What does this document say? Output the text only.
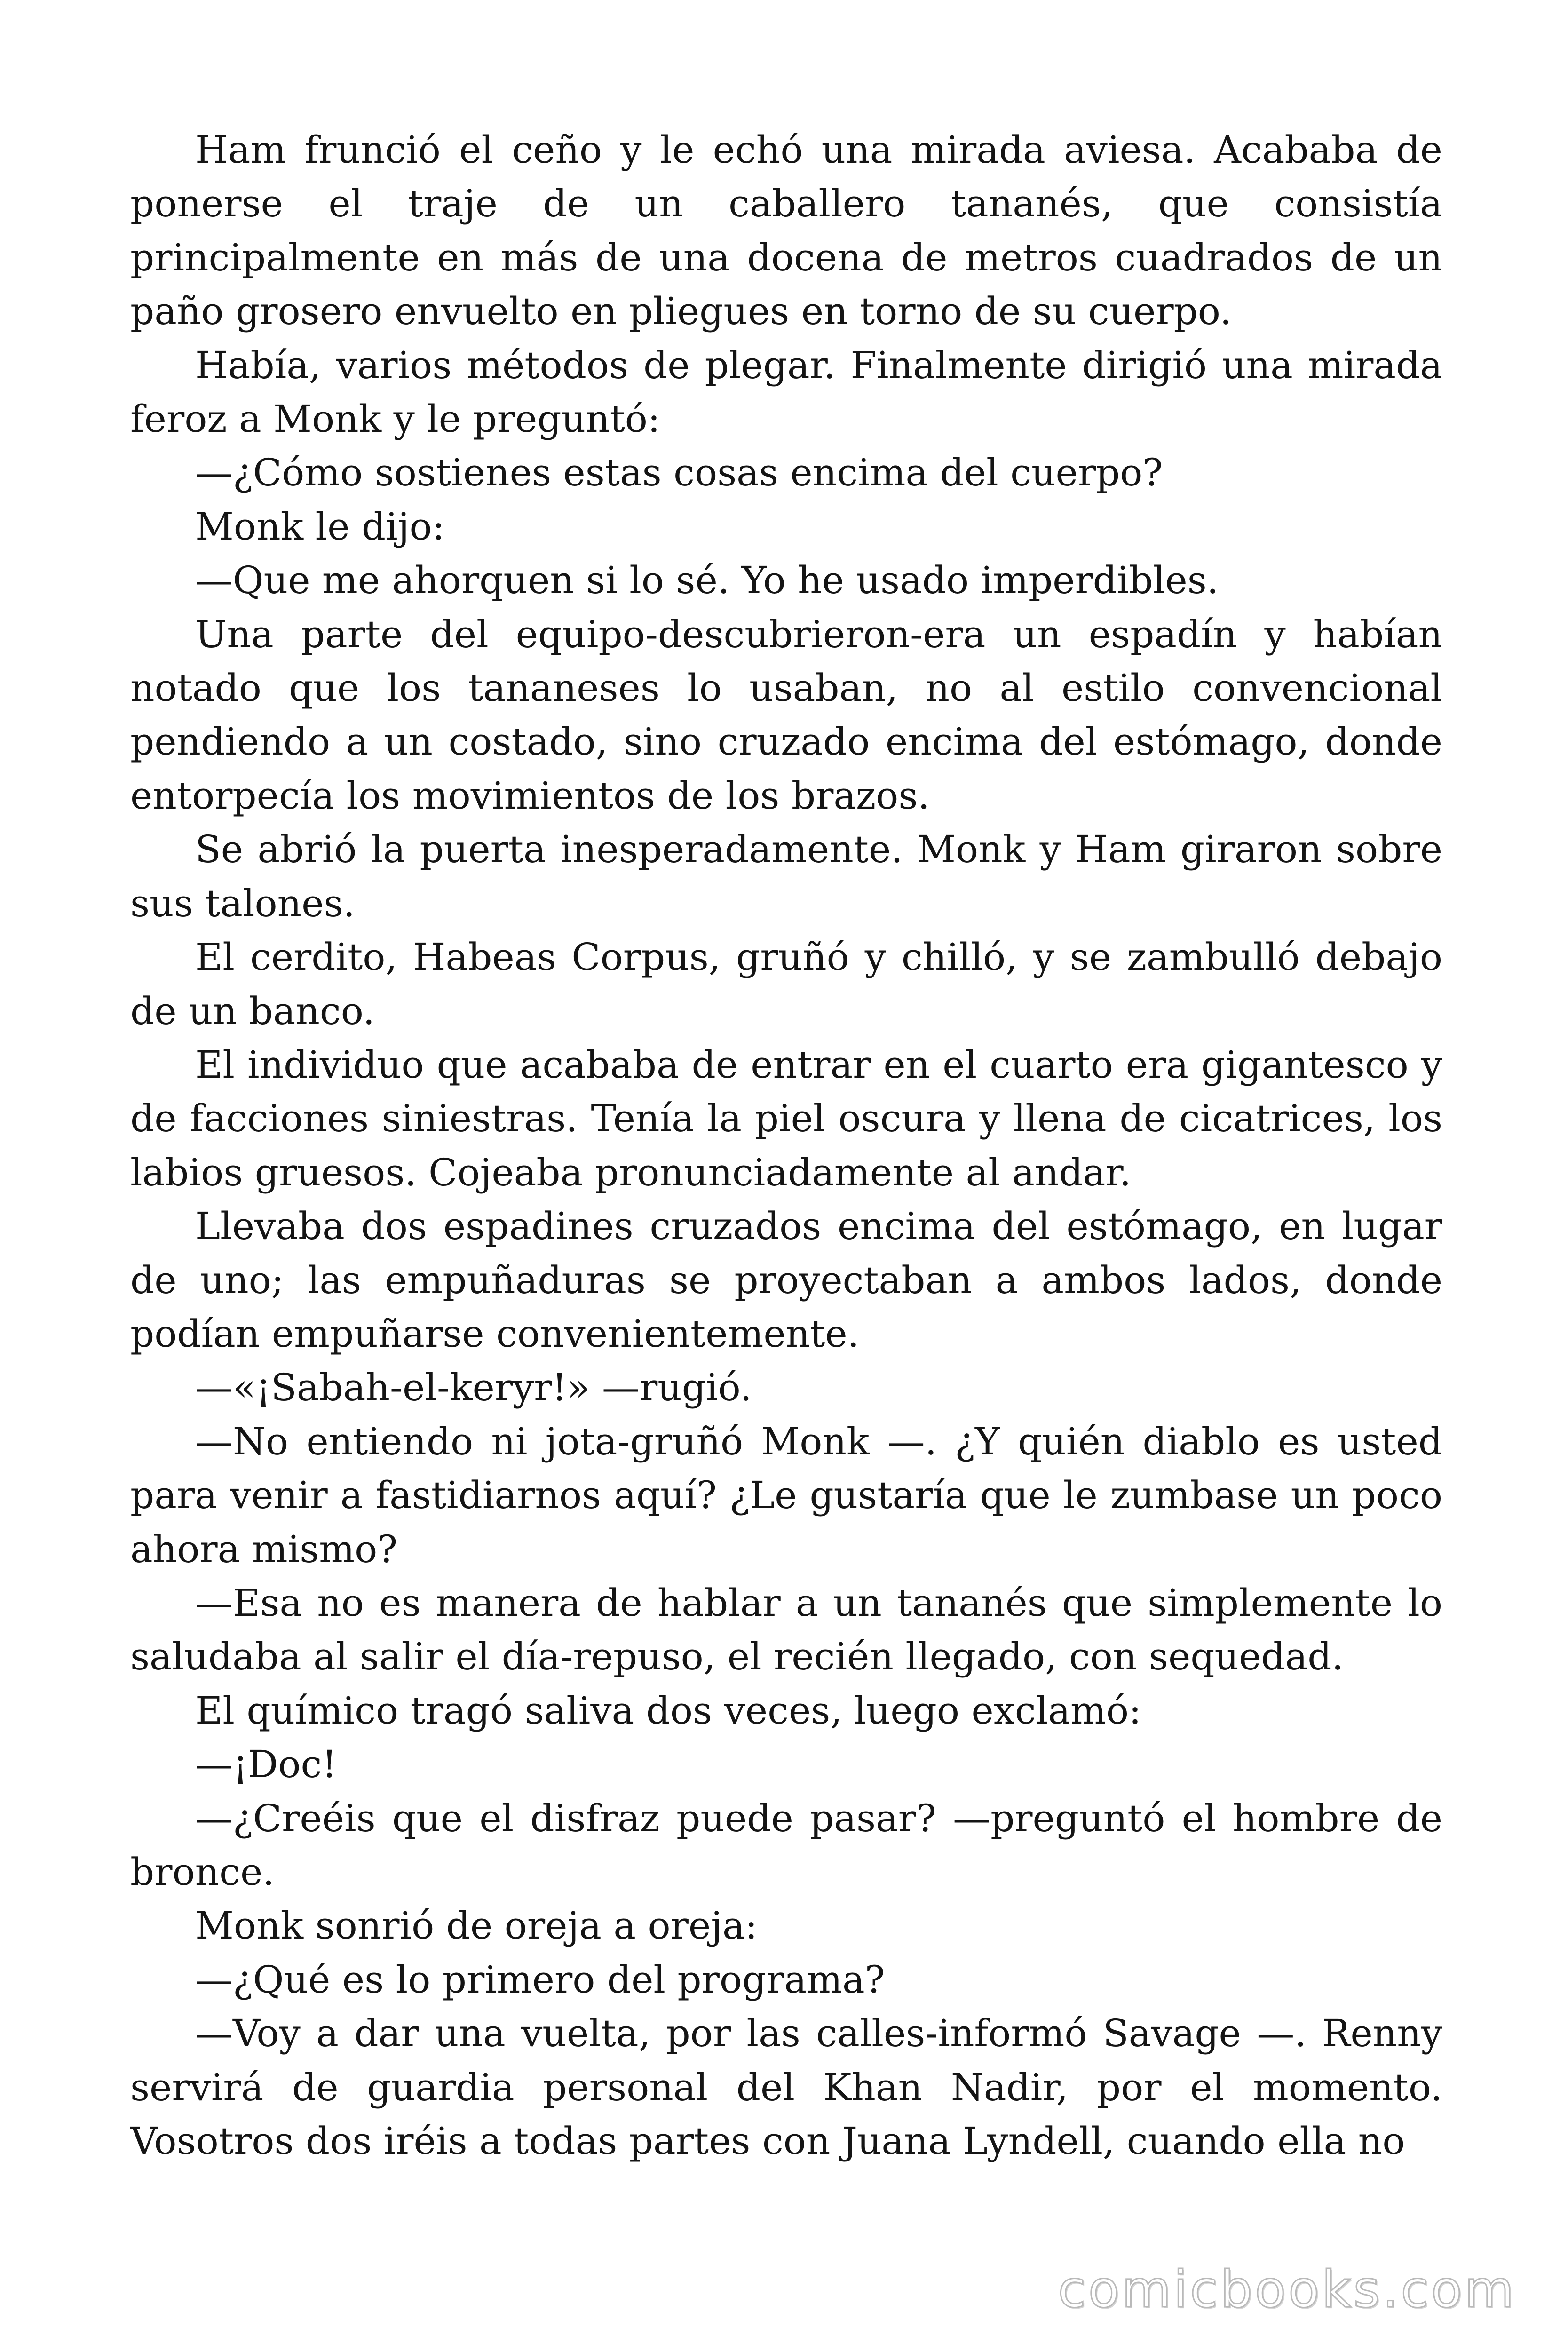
Ham frunció el ceño y le echó una mirada aviesa. Acababa de ponerse el traje de un caballero tananés, que consistía principalmente en más de una docena de metros cuadrados de un paño grosero envuelto en pliegues en torno de su cuerpo.

Había, varios métodos de plegar. Finalmente dirigió una mirada feroz a Monk y le preguntó:

—¿Cómo sostienes estas cosas encima del cuerpo?

Monk le dijo:

—Que me ahorquen si lo sé. Yo he usado imperdibles.

Una parte del equipo-descubrieron-era un espadín y habían notado que los tananeses lo usaban, no al estilo convencional pendiendo a un costado, sino cruzado encima del estómago, donde entorpecía los movimientos de los brazos.

Se abrió la puerta inesperadamente. Monk y Ham giraron sobre sus talones.

El cerdito, Habeas Corpus, gruñó y chilló, y se zambulló debajo de un banco.

El individuo que acababa de entrar en el cuarto era gigantesco y de facciones siniestras. Tenía la piel oscura y llena de cicatrices, los labios gruesos. Cojeaba pronunciadamente al andar.

Llevaba dos espadines cruzados encima del estómago, en lugar de uno; las empuñaduras se proyectaban a ambos lados, donde podían empuñarse convenientemente.

—«¡Sabah-el-keryr!» —rugió.

—No entiendo ni jota-gruñó Monk —. ¿Y quién diablo es usted para venir a fastidiarnos aquí? ¿Le gustaría que le zumbase un poco ahora mismo?

—Esa no es manera de hablar a un tananés que simplemente lo saludaba al salir el día-repuso, el recién llegado, con sequedad.

El químico tragó saliva dos veces, luego exclamó:

—¡Doc!

—¿Creéis que el disfraz puede pasar? —preguntó el hombre de bronce.

Monk sonrió de oreja a oreja:

—¿Qué es lo primero del programa?

—Voy a dar una vuelta, por las calles-informó Savage —. Renny servirá de guardia personal del Khan Nadir, por el momento. Vosotros dos iréis a todas partes con Juana Lyndell, cuando ella no

comicbooks.com
